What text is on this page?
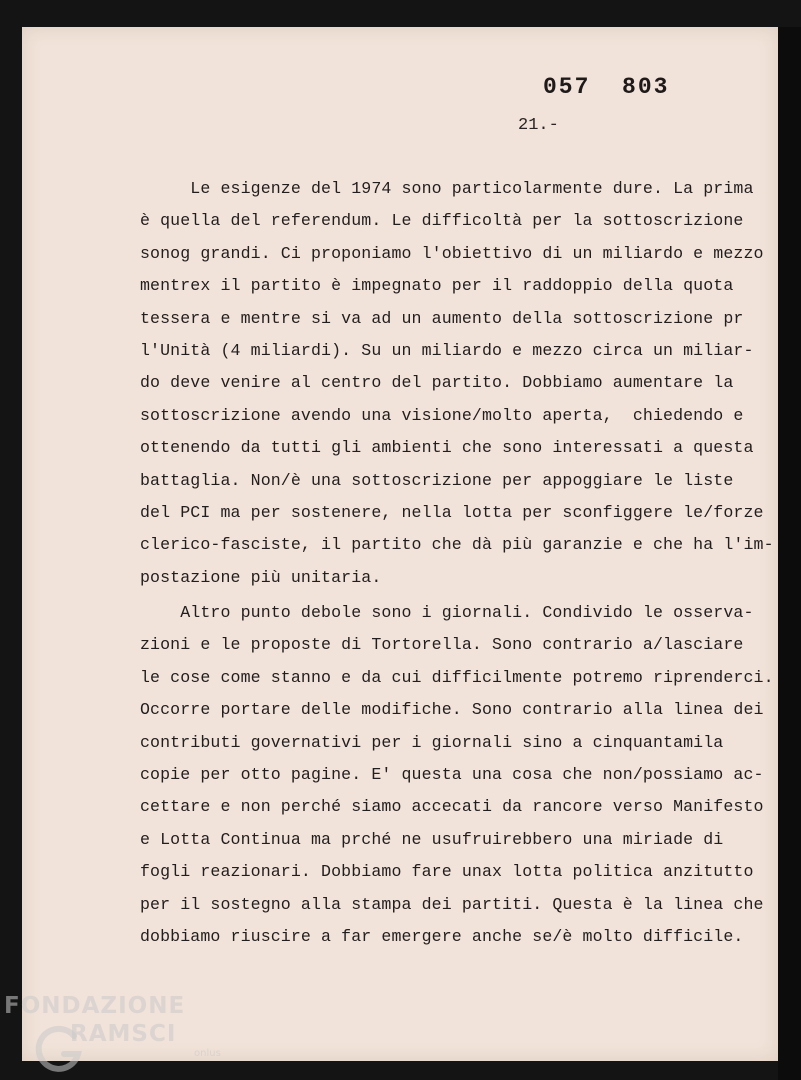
057  803
21.-
Le esigenze del 1974 sono particolarmente dure. La prima
è quella del referendum. Le difficoltà per la sottoscrizione
sonog grandi. Ci proponiamo l'obiettivo di un miliardo e mezzo
mentrex il partito è impegnato per il raddoppio della quota
tessera e mentre si va ad un aumento della sottoscrizione pr
l'Unità (4 miliardi). Su un miliardo e mezzo circa un miliar-
do deve venire al centro del partito. Dobbiamo aumentare la
sottoscrizione avendo una visione/molto aperta,  chiedendo e
ottenendo da tutti gli ambienti che sono interessati a questa
battaglia. Non/è una sottoscrizione per appoggiare le liste
del PCI ma per sostenere, nella lotta per sconfiggere le/forze
clerico-fasciste, il partito che dà più garanzie e che ha l'im-
postazione più unitaria.
Altro punto debole sono i giornali. Condivido le osserva-
zioni e le proposte di Tortorella. Sono contrario a/lasciare
le cose come stanno e da cui difficilmente potremo riprenderci.
Occorre portare delle modifiche. Sono contrario alla linea dei
contributi governativi per i giornali sino a cinquantamila
copie per otto pagine. E' questa una cosa che non/possiamo ac-
cettare e non perché siamo accecati da rancore verso Manifesto
e Lotta Continua ma prché ne usufruirebbero una miriade di
fogli reazionari. Dobbiamo fare unax lotta politica anzitutto
per il sostegno alla stampa dei partiti. Questa è la linea che
dobbiamo riuscire a far emergere anche se/è molto difficile.
FONDAZIONE
RAMSCI
onlus
